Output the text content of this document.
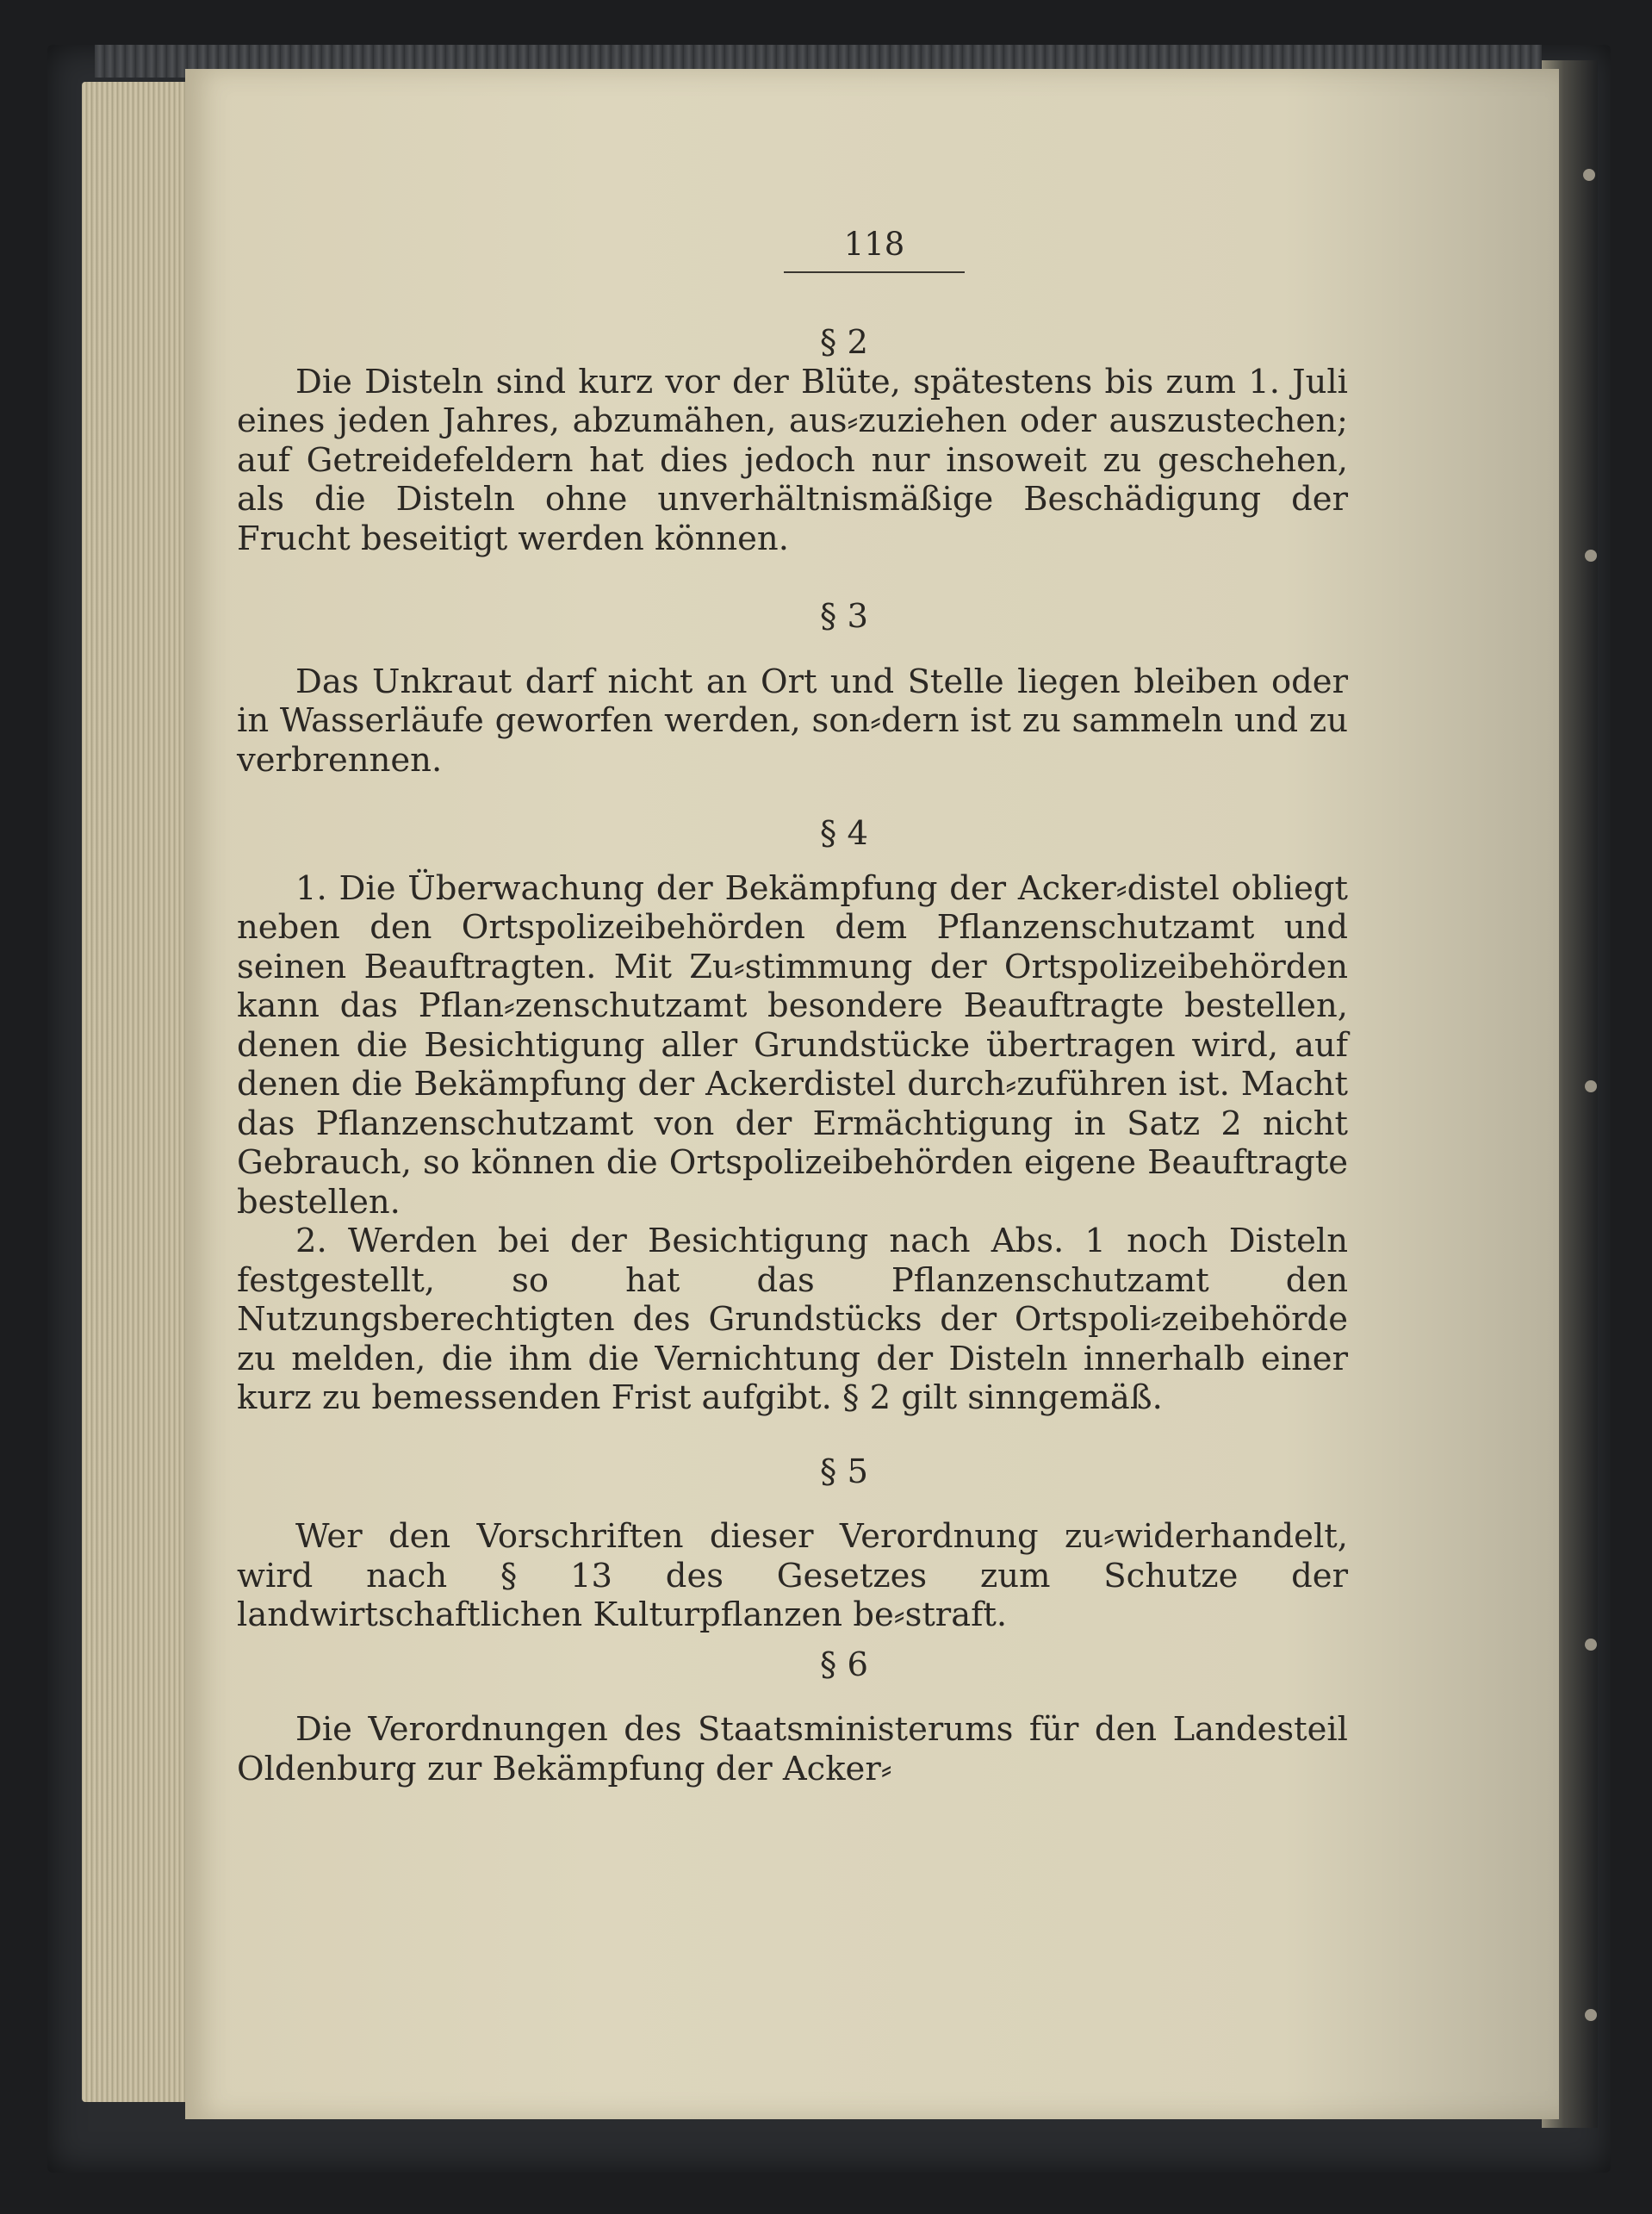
118

§ 2

Die Disteln sind kurz vor der Blüte, spätestens bis zum 1. Juli eines jeden Jahres, abzumähen, aus⸗zuziehen oder auszustechen; auf Getreidefeldern hat dies jedoch nur insoweit zu geschehen, als die Disteln ohne unverhältnismäßige Beschädigung der Frucht beseitigt werden können.

§ 3

Das Unkraut darf nicht an Ort und Stelle liegen bleiben oder in Wasserläufe geworfen werden, son⸗dern ist zu sammeln und zu verbrennen.

§ 4

1. Die Überwachung der Bekämpfung der Acker⸗distel obliegt neben den Ortspolizeibehörden dem Pflanzenschutzamt und seinen Beauftragten. Mit Zu⸗stimmung der Ortspolizeibehörden kann das Pflan⸗zenschutzamt besondere Beauftragte bestellen, denen die Besichtigung aller Grundstücke übertragen wird, auf denen die Bekämpfung der Ackerdistel durch⸗zuführen ist. Macht das Pflanzenschutzamt von der Ermächtigung in Satz 2 nicht Gebrauch, so können die Ortspolizeibehörden eigene Beauftragte bestellen.

2. Werden bei der Besichtigung nach Abs. 1 noch Disteln festgestellt, so hat das Pflanzenschutzamt den Nutzungsberechtigten des Grundstücks der Ortspoli⸗zeibehörde zu melden, die ihm die Vernichtung der Disteln innerhalb einer kurz zu bemessenden Frist aufgibt. § 2 gilt sinngemäß.

§ 5

Wer den Vorschriften dieser Verordnung zu⸗widerhandelt, wird nach § 13 des Gesetzes zum Schutze der landwirtschaftlichen Kulturpflanzen be⸗straft.

§ 6

Die Verordnungen des Staatsministerums für den Landesteil Oldenburg zur Bekämpfung der Acker⸗
